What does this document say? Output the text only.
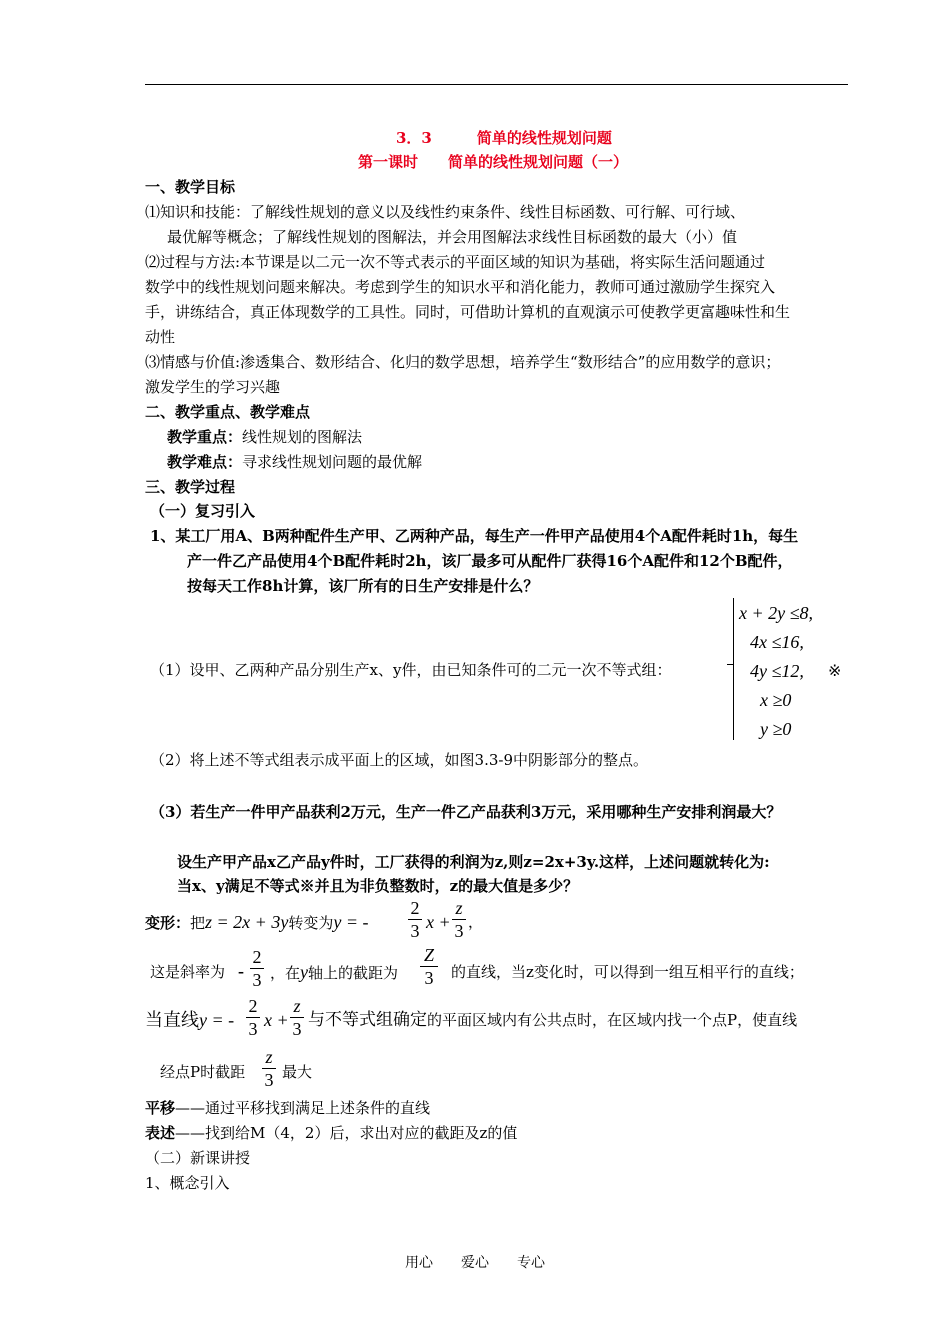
3．3　　　简单的线性规划问题
第一课时　　简单的线性规划问题（一）
一、教学目标
⑴知识和技能：了解线性规划的意义以及线性约束条件、线性目标函数、可行解、可行域、
最优解等概念；了解线性规划的图解法，并会用图解法求线性目标函数的最大（小）值
⑵过程与方法:本节课是以二元一次不等式表示的平面区域的知识为基础，将实际生活问题通过
数学中的线性规划问题来解决。考虑到学生的知识水平和消化能力，教师可通过激励学生探究入
手，讲练结合，真正体现数学的工具性。同时，可借助计算机的直观演示可使教学更富趣味性和生
动性
⑶情感与价值:渗透集合、数形结合、化归的数学思想，培养学生“数形结合”的应用数学的意识；
激发学生的学习兴趣
二、教学重点、教学难点
教学重点：线性规划的图解法
教学难点：寻求线性规划问题的最优解
三、教学过程
（一）复习引入
1、某工厂用A、B两种配件生产甲、乙两种产品，每生产一件甲产品使用4个A配件耗时1h，每生
产一件乙产品使用4个B配件耗时2h，该厂最多可从配件厂获得16个A配件和12个B配件，
按每天工作8h计算，该厂所有的日生产安排是什么？
（1）设甲、乙两种产品分别生产x、y件，由已知条件可的二元一次不等式组：
x + 2y ≤8,
4x ≤16,
4y ≤12,
x ≥0
y ≥0
※
（2）将上述不等式组表示成平面上的区域，如图3.3-9中阴影部分的整点。
（3）若生产一件甲产品获利2万元，生产一件乙产品获利3万元，采用哪种生产安排利润最大？
设生产甲产品x乙产品y件时，工厂获得的利润为z,则z=2x+3y.这样，上述问题就转化为:
当x、y满足不等式※并且为非负整数时，z的最大值是多少？
变形：把z = 2x + 3y转变为y = -
2
3 x +
z
3 ，
这是斜率为 -
2
3 ，在y轴上的截距为
Z
3	的直线，当z变化时，可以得到一组互相平行的直线；
当直线y = -
2
3 x +
z
3 与不等式组确定的平面区域内有公共点时，在区域内找一个点P，使直线
经点P时截距
z
3 最大
平移——通过平移找到满足上述条件的直线
表述——找到给M（4，2）后，求出对应的截距及z的值
（二）新课讲授
1、概念引入
用心 爱心 专心
